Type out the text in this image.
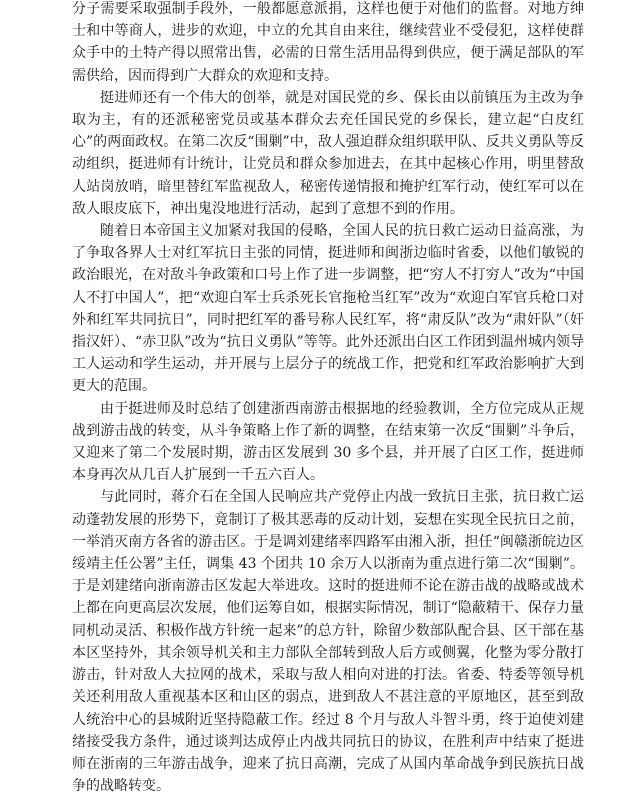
分子需要采取强制手段外，一般都愿意派捐，这样也便于对他们的监督。对地方绅士和中等商人，进步的欢迎，中立的允其自由来往，继续营业不受侵犯，这样使群众手中的土特产得以照常出售，必需的日常生活用品得到供应，便于满足部队的军需供给，因而得到广大群众的欢迎和支持。

挺进师还有一个伟大的创举，就是对国民党的乡、保长由以前镇压为主改为争取为主，有的还派秘密党员或基本群众去充任国民党的乡保长，建立起“白皮红心”的两面政权。在第二次反“围剿”中，敌人强迫群众组织联甲队、反共义勇队等反动组织，挺进师有计统计，让党员和群众参加进去，在其中起核心作用，明里替敌人站岗放哨，暗里替红军监视敌人，秘密传递情报和掩护红军行动，使红军可以在敌人眼皮底下，神出鬼没地进行活动，起到了意想不到的作用。

随着日本帝国主义加紧对我国的侵略，全国人民的抗日救亡运动日益高涨，为了争取各界人士对红军抗日主张的同情，挺进师和闽浙边临时省委，以他们敏锐的政治眼光，在对敌斗争政策和口号上作了进一步调整，把“穷人不打穷人”改为“中国人不打中国人”，把“欢迎白军士兵杀死长官拖枪当红军”改为“欢迎白军官兵枪口对外和红军共同抗日”，同时把红军的番号称人民红军，将“肃反队”改为“肃奸队”（奸指汉奸）、“赤卫队”改为“抗日义勇队”等等。此外还派出白区工作团到温州城内领导工人运动和学生运动，并开展与上层分子的统战工作，把党和红军政治影响扩大到更大的范围。

由于挺进师及时总结了创建浙西南游击根据地的经验教训，全方位完成从正规战到游击战的转变，从斗争策略上作了新的调整，在结束第一次反“围剿”斗争后，又迎来了第二个发展时期，游击区发展到 30 多个县，并开展了白区工作，挺进师本身再次从几百人扩展到一千五六百人。

与此同时，蒋介石在全国人民响应共产党停止内战一致抗日主张，抗日救亡运动蓬勃发展的形势下，竟制订了极其恶毒的反动计划，妄想在实现全民抗日之前，一举消灭南方各省的游击区。于是调刘建绪率四路军由湘入浙，担任“闽赣浙皖边区绥靖主任公署”主任，调集 43 个团共 10 余万人以浙南为重点进行第二次“围剿”。于是刘建绪向浙南游击区发起大举进攻。这时的挺进师不论在游击战的战略或战术上都在向更高层次发展，他们运筹自如，根据实际情况，制订“隐蔽精干、保存力量同机动灵活、积极作战方针统一起来”的总方针，除留少数部队配合县、区干部在基本区坚持外，其余领导机关和主力部队全部转到敌人后方或侧翼，化整为零分散打游击，针对敌人大拉网的战术，采取与敌人相向对进的打法。省委、特委等领导机关还利用敌人重视基本区和山区的弱点，进到敌人不甚注意的平原地区，甚至到敌人统治中心的县城附近坚持隐蔽工作。经过 8 个月与敌人斗智斗勇，终于迫使刘建绪接受我方条件，通过谈判达成停止内战共同抗日的协议，在胜利声中结束了挺进师在浙南的三年游击战争，迎来了抗日高潮，完成了从国内革命战争到民族抗日战争的战略转变。
